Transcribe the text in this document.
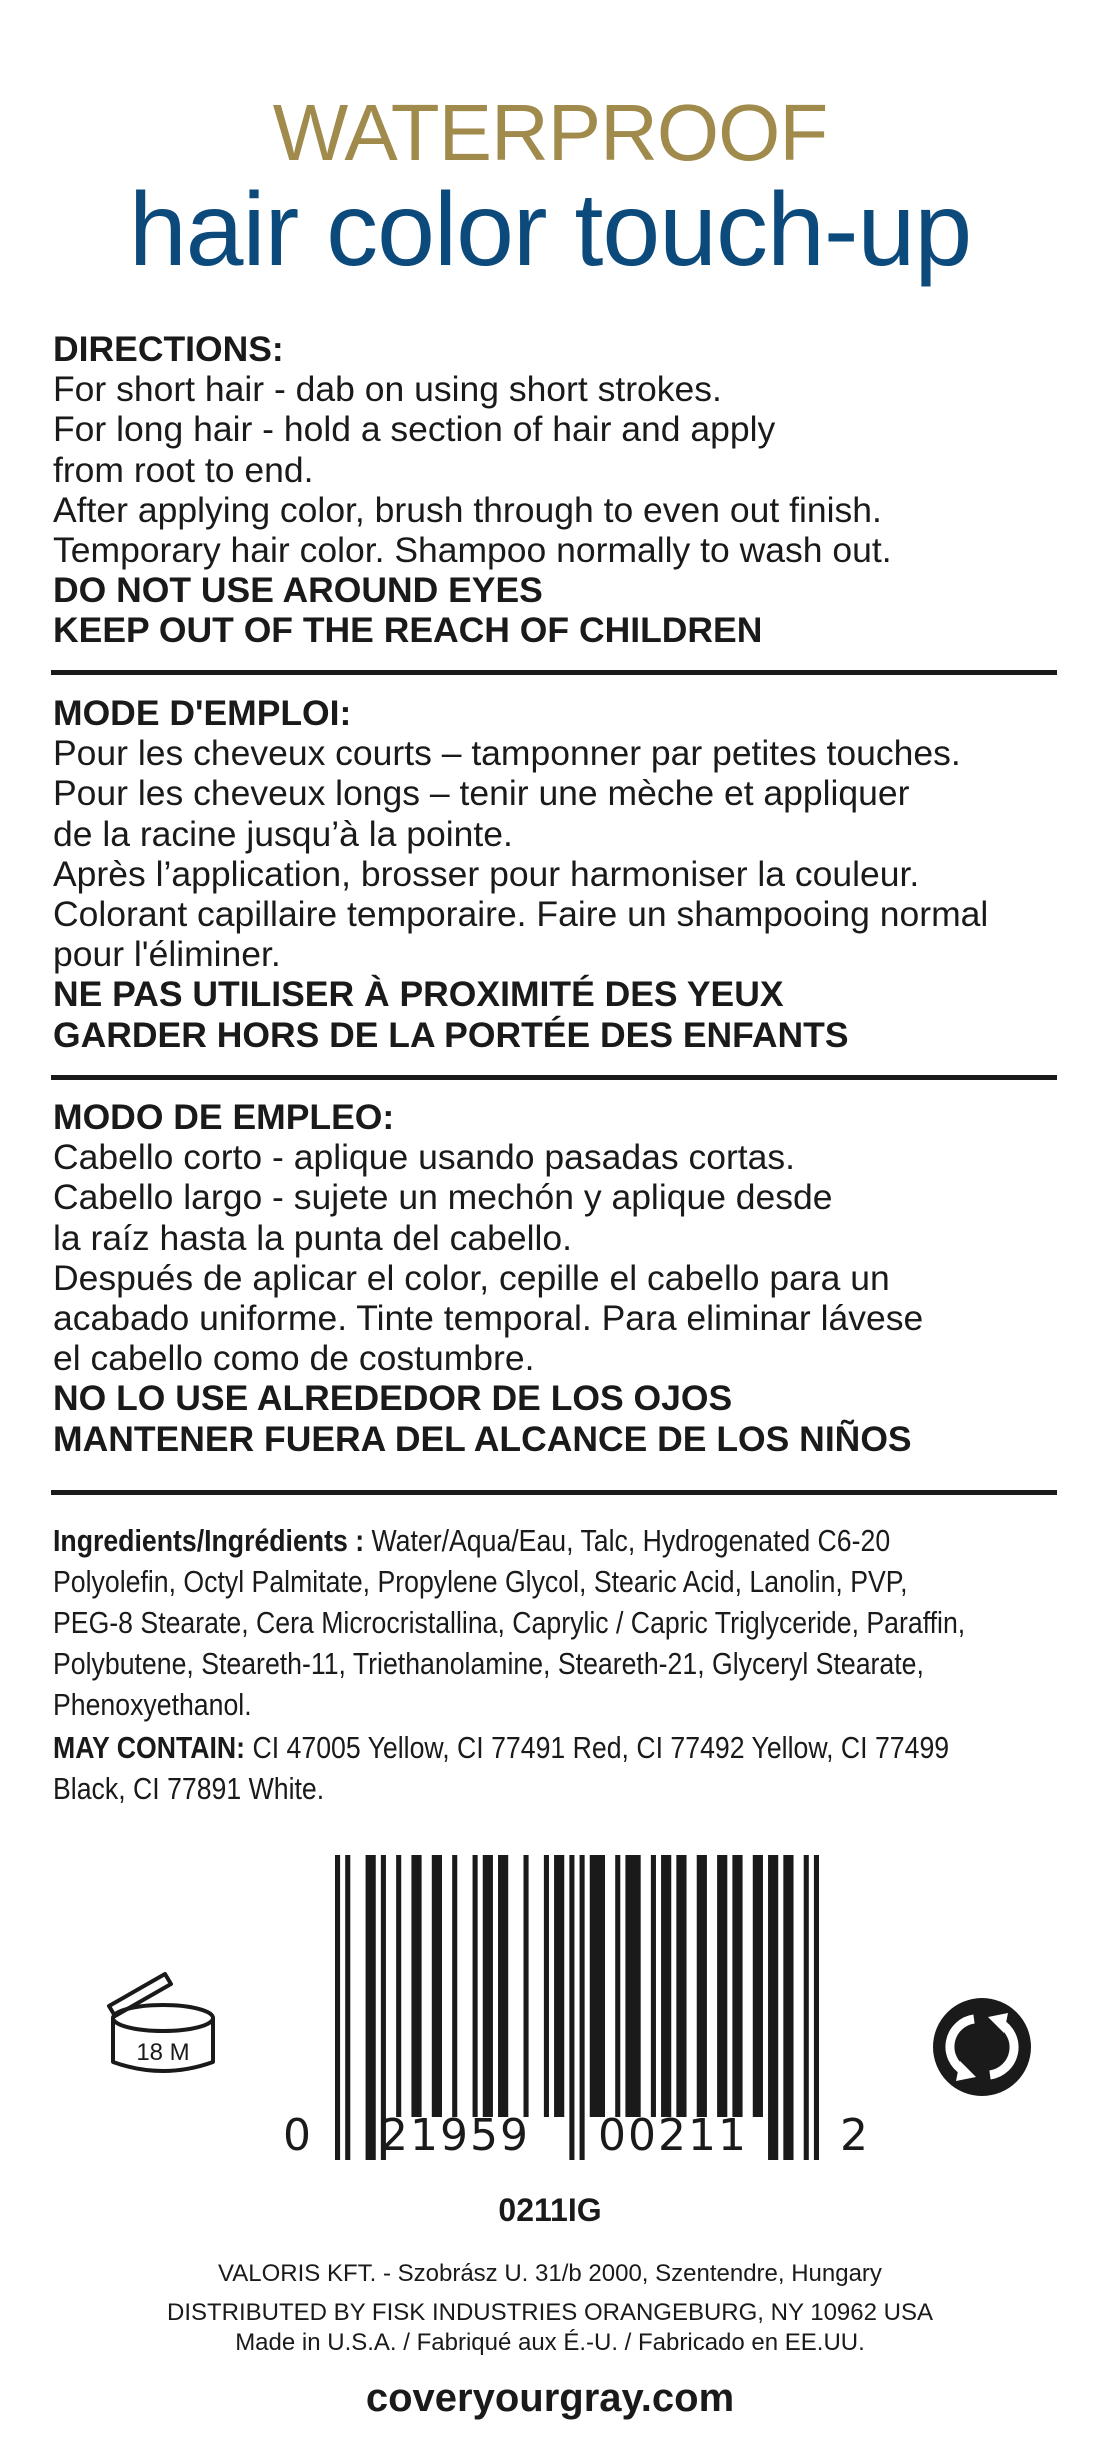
WATERPROOF
hair color touch-up
DIRECTIONS:
For short hair - dab on using short strokes.
For long hair - hold a section of hair and apply
from root to end.
After applying color, brush through to even out finish.
Temporary hair color. Shampoo normally to wash out.
DO NOT USE AROUND EYES
KEEP OUT OF THE REACH OF CHILDREN
MODE D'EMPLOI:
Pour les cheveux courts – tamponner par petites touches.
Pour les cheveux longs – tenir une mèche et appliquer
de la racine jusqu’à la pointe.
Après l’application, brosser pour harmoniser la couleur.
Colorant capillaire temporaire. Faire un shampooing normal
pour l'éliminer.
NE PAS UTILISER À PROXIMITÉ DES YEUX
GARDER HORS DE LA PORTÉE DES ENFANTS
MODO DE EMPLEO:
Cabello corto - aplique usando pasadas cortas.
Cabello largo - sujete un mechón y aplique desde
la raíz hasta la punta del cabello.
Después de aplicar el color, cepille el cabello para un
acabado uniforme. Tinte temporal. Para eliminar lávese
el cabello como de costumbre.
NO LO USE ALREDEDOR DE LOS OJOS
MANTENER FUERA DEL ALCANCE DE LOS NIÑOS
Ingredients/Ingrédients : Water/Aqua/Eau, Talc, Hydrogenated C6-20
Polyolefin, Octyl Palmitate, Propylene Glycol, Stearic Acid, Lanolin, PVP,
PEG-8 Stearate, Cera Microcristallina, Caprylic / Capric Triglyceride, Paraffin,
Polybutene, Steareth-11, Triethanolamine, Steareth-21, Glyceryl Stearate,
Phenoxyethanol.
MAY CONTAIN: CI 47005 Yellow, CI 77491 Red, CI 77492 Yellow, CI 77499
Black, CI 77891 White.
18 M
0 21959 00211 2
0211IG
VALORIS KFT. - Szobrász U. 31/b 2000, Szentendre, Hungary
DISTRIBUTED BY FISK INDUSTRIES ORANGEBURG, NY 10962 USA
Made in U.S.A. / Fabriqué aux É.-U. / Fabricado en EE.UU.
coveryourgray.com
